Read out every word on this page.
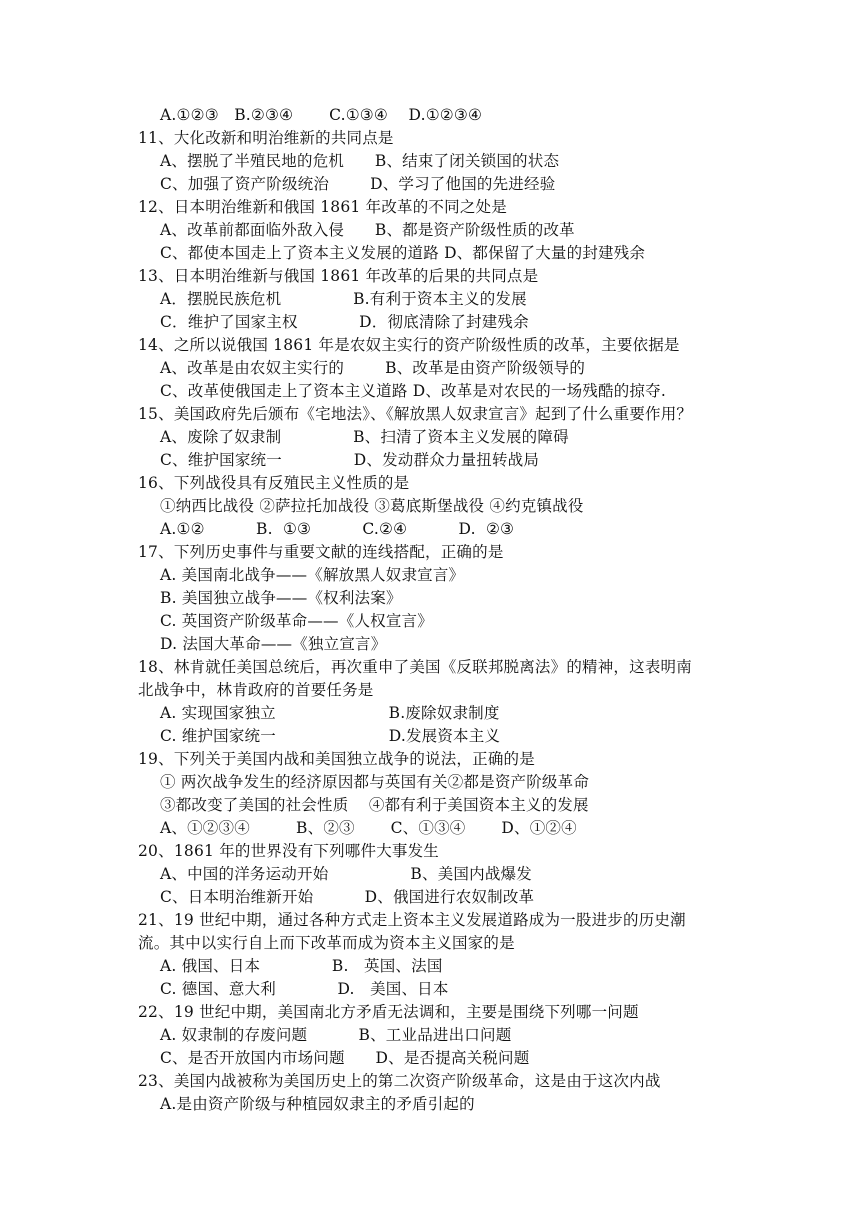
A.①②③   B.②③④       C.①③④    D.①②③④
11、大化改新和明治维新的共同点是
A、摆脱了半殖民地的危机      B、结束了闭关锁国的状态
C、加强了资产阶级统治        D、学习了他国的先进经验
12、日本明治维新和俄国 1861 年改革的不同之处是
A、改革前都面临外敌入侵      B、都是资产阶级性质的改革
C、都使本国走上了资本主义发展的道路 D、都保留了大量的封建残余
13、日本明治维新与俄国 1861 年改革的后果的共同点是
A．摆脱民族危机              B.有利于资本主义的发展
C．维护了国家主权            D．彻底清除了封建残余
14、之所以说俄国 1861 年是农奴主实行的资产阶级性质的改革，主要依据是
A、改革是由农奴主实行的        B、改革是由资产阶级领导的
C、改革使俄国走上了资本主义道路 D、改革是对农民的一场残酷的掠夺.
15、美国政府先后颁布《宅地法》、《解放黑人奴隶宣言》起到了什么重要作用？
A、废除了奴隶制              B、扫清了资本主义发展的障碍
C、维护国家统一              D、发动群众力量扭转战局
16、下列战役具有反殖民主义性质的是
①纳西比战役 ②萨拉托加战役 ③葛底斯堡战役 ④约克镇战役
A.①②          B.  ①③          C.②④          D.  ②③
17、下列历史事件与重要文献的连线搭配，正确的是
A. 美国南北战争——《解放黑人奴隶宣言》
B. 美国独立战争——《权利法案》
C. 英国资产阶级革命——《人权宣言》
D. 法国大革命——《独立宣言》
18、林肯就任美国总统后，再次重申了美国《反联邦脱离法》的精神，这表明南
北战争中，林肯政府的首要任务是
A. 实现国家独立                      B.废除奴隶制度
C. 维护国家统一                      D.发展资本主义
19、下列关于美国内战和美国独立战争的说法，正确的是
① 两次战争发生的经济原因都与英国有关②都是资产阶级革命
③都改变了美国的社会性质    ④都有利于美国资本主义的发展
A、①②③④         B、②③       C、①③④       D、①②④
20、1861 年的世界没有下列哪件大事发生
A、中国的洋务运动开始                B、美国内战爆发
C、日本明治维新开始          D、俄国进行农奴制改革
21、19 世纪中期，通过各种方式走上资本主义发展道路成为一股进步的历史潮
流。其中以实行自上而下改革而成为资本主义国家的是
A. 俄国、日本              B.   英国、法国
C. 德国、意大利            D.   美国、日本
22、19 世纪中期，美国南北方矛盾无法调和，主要是围绕下列哪一问题
A. 奴隶制的存废问题          B、工业品进出口问题
C、是否开放国内市场问题      D、是否提高关税问题
23、美国内战被称为美国历史上的第二次资产阶级革命，这是由于这次内战
A.是由资产阶级与种植园奴隶主的矛盾引起的
